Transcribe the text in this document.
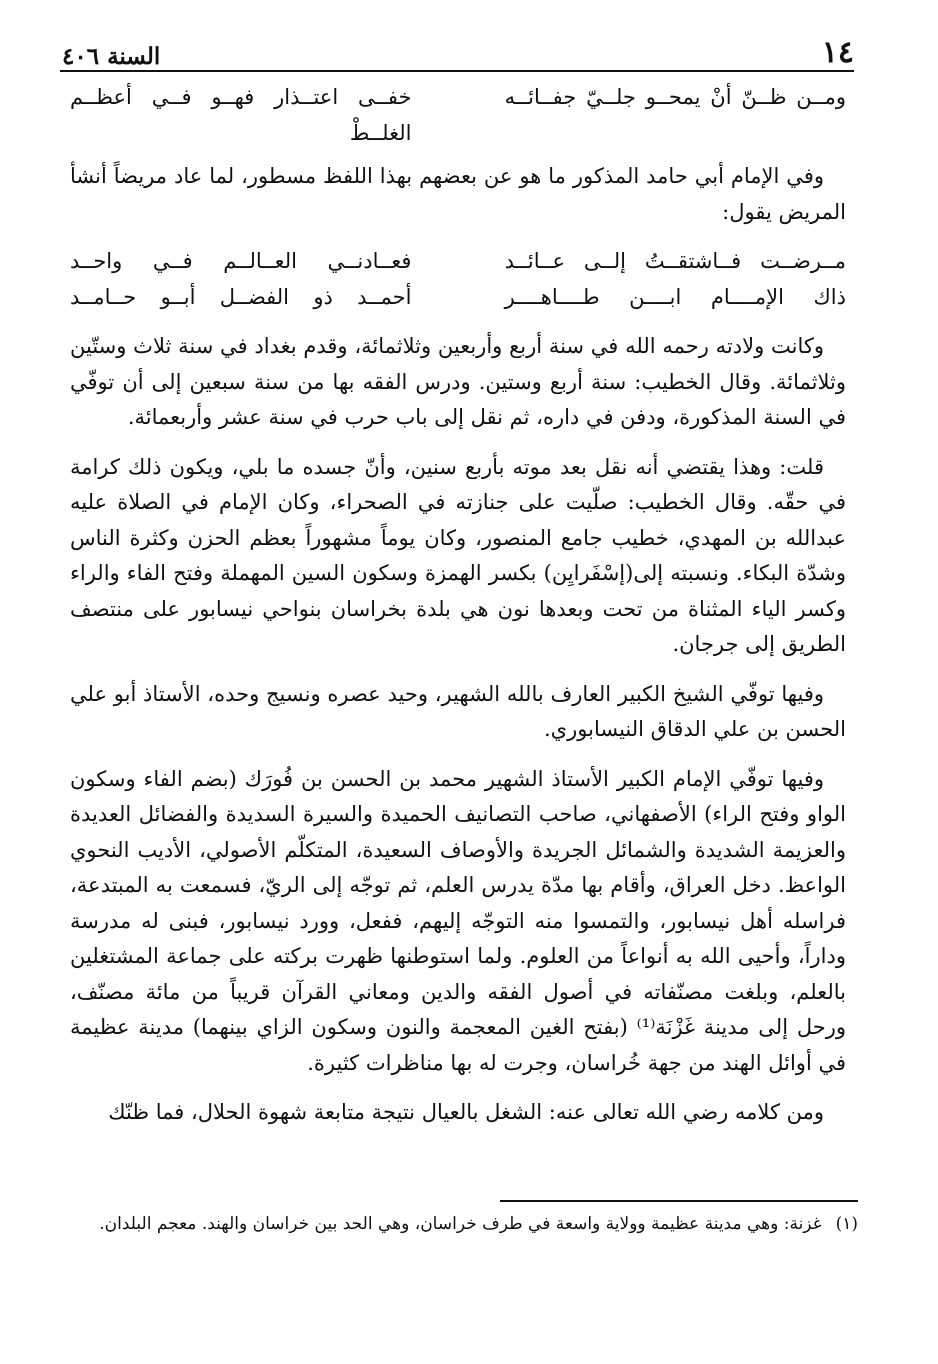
١٤
السنة ٤٠٦
ومــن ظــنّ أنْ يمحــو جلــيّ جفــائــه
خفــى اعتــذار فهــو فــي أعظــم الغلــطْ

وفي الإمام أبي حامد المذكور ما هو عن بعضهم بهذا اللفظ مسطور، لما عاد مريضاً أنشأ المريض يقول:

مــرضــت فــاشتقــتُ إلــى عــائــد
فعــادنــي العــالــم فــي واحــد
ذاك الإمــــام ابــــن طــــاهــــر
أحمــد ذو الفضــل أبــو حــامــد

وكانت ولادته رحمه الله في سنة أربع وأربعين وثلاثمائة، وقدم بغداد في سنة ثلاث وستّين وثلاثمائة. وقال الخطيب: سنة أربع وستين. ودرس الفقه بها من سنة سبعين إلى أن توفّي في السنة المذكورة، ودفن في داره، ثم نقل إلى باب حرب في سنة عشر وأربعمائة.

قلت: وهذا يقتضي أنه نقل بعد موته بأربع سنين، وأنّ جسده ما بلي، ويكون ذلك كرامة في حقّه. وقال الخطيب: صلّيت على جنازته في الصحراء، وكان الإمام في الصلاة عليه عبدالله بن المهدي، خطيب جامع المنصور، وكان يوماً مشهوراً بعظم الحزن وكثرة الناس وشدّة البكاء. ونسبته إلى(إسْفَرايِن) بكسر الهمزة وسكون السين المهملة وفتح الفاء والراء وكسر الياء المثناة من تحت وبعدها نون هي بلدة بخراسان بنواحي نيسابور على منتصف الطريق إلى جرجان.

وفيها توفّي الشيخ الكبير العارف بالله الشهير، وحيد عصره ونسيج وحده، الأستاذ أبو علي الحسن بن علي الدقاق النيسابوري.

وفيها توفّي الإمام الكبير الأستاذ الشهير محمد بن الحسن بن فُورَك (بضم الفاء وسكون الواو وفتح الراء) الأصفهاني، صاحب التصانيف الحميدة والسيرة السديدة والفضائل العديدة والعزيمة الشديدة والشمائل الجريدة والأوصاف السعيدة، المتكلّم الأصولي، الأديب النحوي الواعظ. دخل العراق، وأقام بها مدّة يدرس العلم، ثم توجّه إلى الريّ، فسمعت به المبتدعة، فراسله أهل نيسابور، والتمسوا منه التوجّه إليهم، ففعل، وورد نيسابور، فبنى له مدرسة وداراً، وأحيى الله به أنواعاً من العلوم. ولما استوطنها ظهرت بركته على جماعة المشتغلين بالعلم، وبلغت مصنّفاته في أصول الفقه والدين ومعاني القرآن قريباً من مائة مصنّف، ورحل إلى مدينة غَزْنَة⁽¹⁾ (بفتح الغين المعجمة والنون وسكون الزاي بينهما) مدينة عظيمة في أوائل الهند من جهة خُراسان، وجرت له بها مناظرات كثيرة.

ومن كلامه رضي الله تعالى عنه: الشغل بالعيال نتيجة متابعة شهوة الحلال، فما ظنّك

(١)
غزنة: وهي مدينة عظيمة وولاية واسعة في طرف خراسان، وهي الحد بين خراسان والهند. معجم البلدان.
